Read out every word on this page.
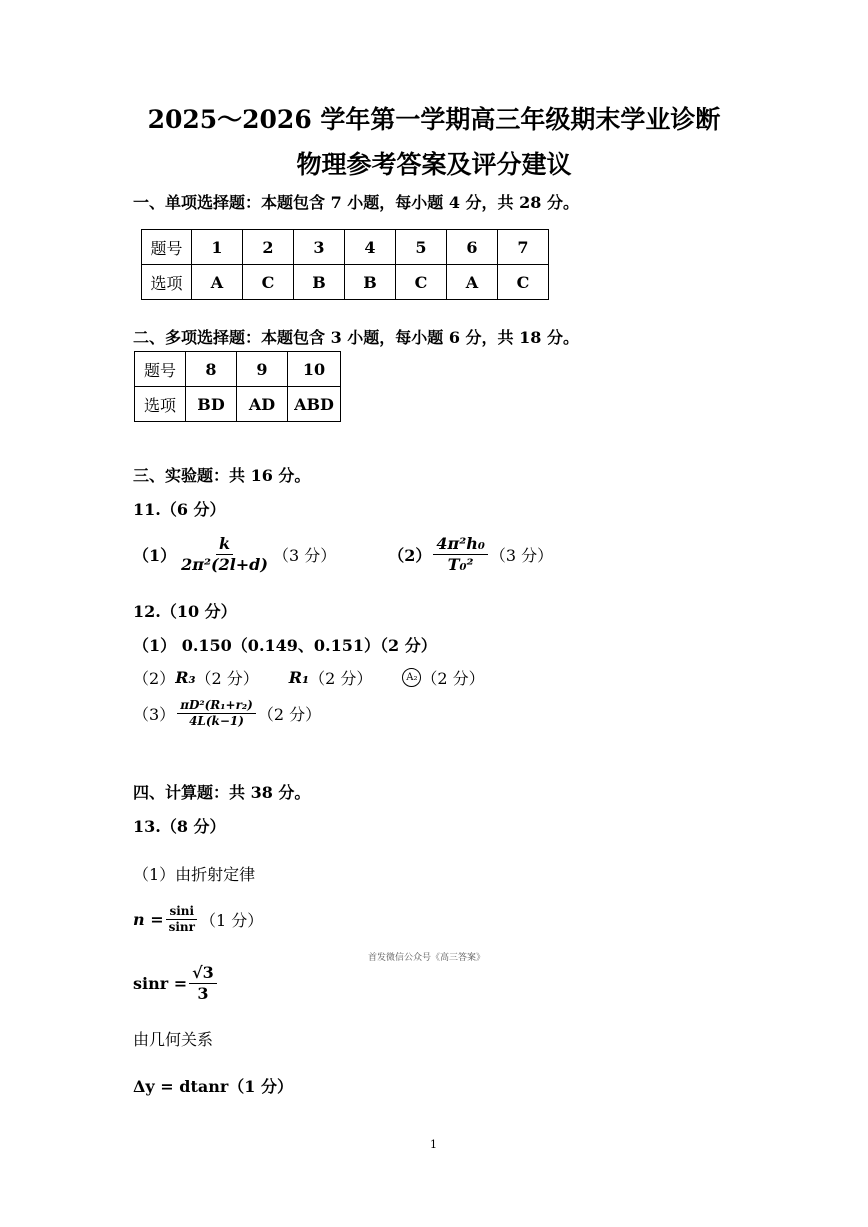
2025～2026 学年第一学期高三年级期末学业诊断
物理参考答案及评分建议
一、单项选择题：本题包含 7 小题，每小题 4 分，共 28 分。
题号	1	2	3	4	5	6	7
选项	A	C	B	B	C	A	C
二、多项选择题：本题包含 3 小题，每小题 6 分，共 18 分。
题号	8	9	10
选项	BD	AD	ABD
三、实验题：共 16 分。
11.（6 分）
$(1) \frac{k}{\text{2π²(2l+d)}} (3$ 分）	$(2) \frac{\text{4π²h₀}}{\text{T₀²}} (3$ 分）
12.（10 分）
（1） 0.150（0.149、0.151）（2 分）
（2） R₃ （2 分） R₁ （2 分）	A₂ （2 分）
$(3) \frac{\text{πD²(R₁+r₂)}}{4L(k-1)} (2$ 分）
四、计算题：共 38 分。
13.（8 分）
（1）由折射定律
$n = \frac{\sin i}{\sin r} (1$ 分）
首发微信公众号《高三答案》
$\sin r = \frac{√3}{3}$
由几何关系
Δy = dtanr（1 分）
1
